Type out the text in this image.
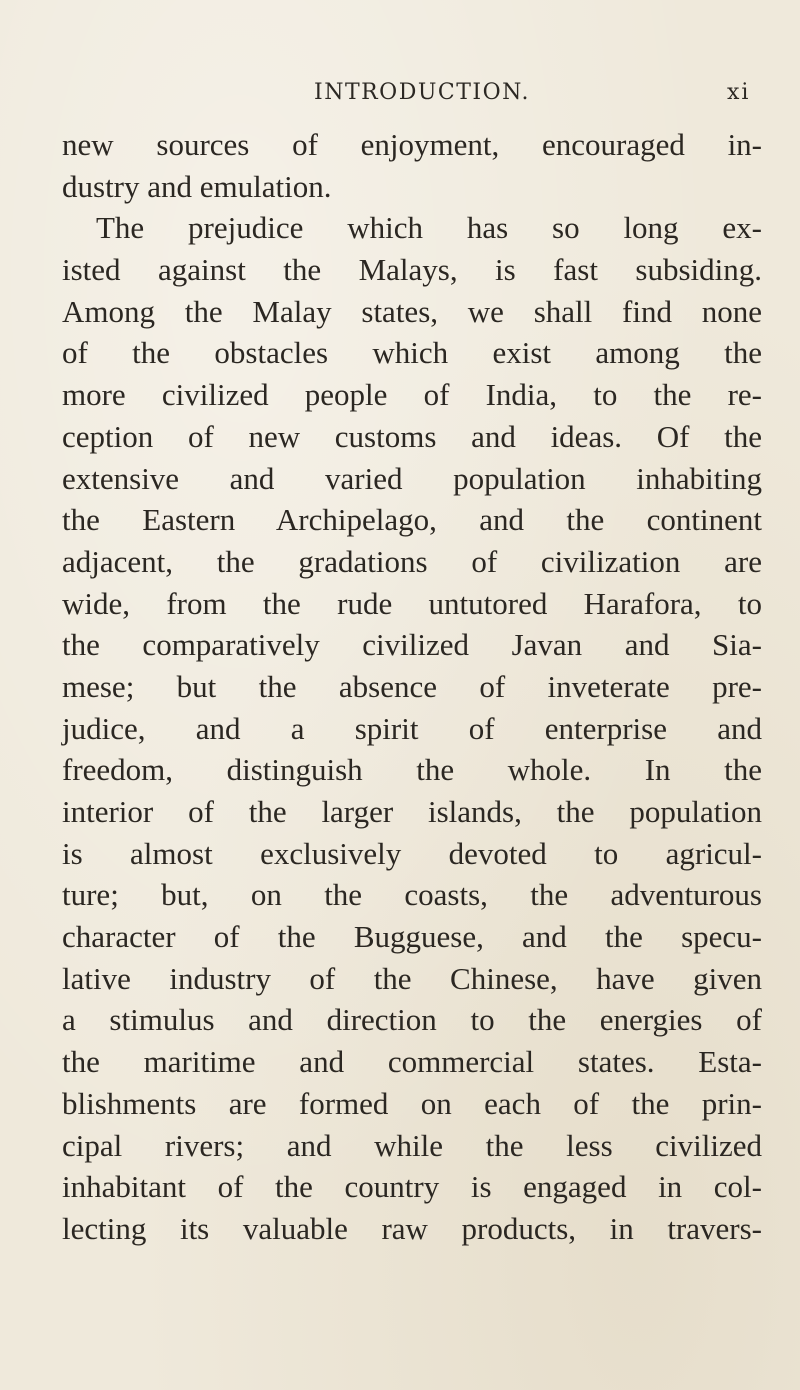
INTRODUCTION.	xi
new sources of enjoyment, encouraged in-
dustry and emulation.
The prejudice which has so long ex-
isted against the Malays, is fast subsiding.
Among the Malay states, we shall find none
of the obstacles which exist among the
more civilized people of India, to the re-
ception of new customs and ideas. Of the
extensive and varied population inhabiting
the Eastern Archipelago, and the continent
adjacent, the gradations of civilization are
wide, from the rude untutored Harafora, to
the comparatively civilized Javan and Sia-
mese; but the absence of inveterate pre-
judice, and a spirit of enterprise and
freedom, distinguish the whole. In the
interior of the larger islands, the population
is almost exclusively devoted to agricul-
ture; but, on the coasts, the adventurous
character of the Bugguese, and the specu-
lative industry of the Chinese, have given
a stimulus and direction to the energies of
the maritime and commercial states. Esta-
blishments are formed on each of the prin-
cipal rivers; and while the less civilized
inhabitant of the country is engaged in col-
lecting its valuable raw products, in travers-
